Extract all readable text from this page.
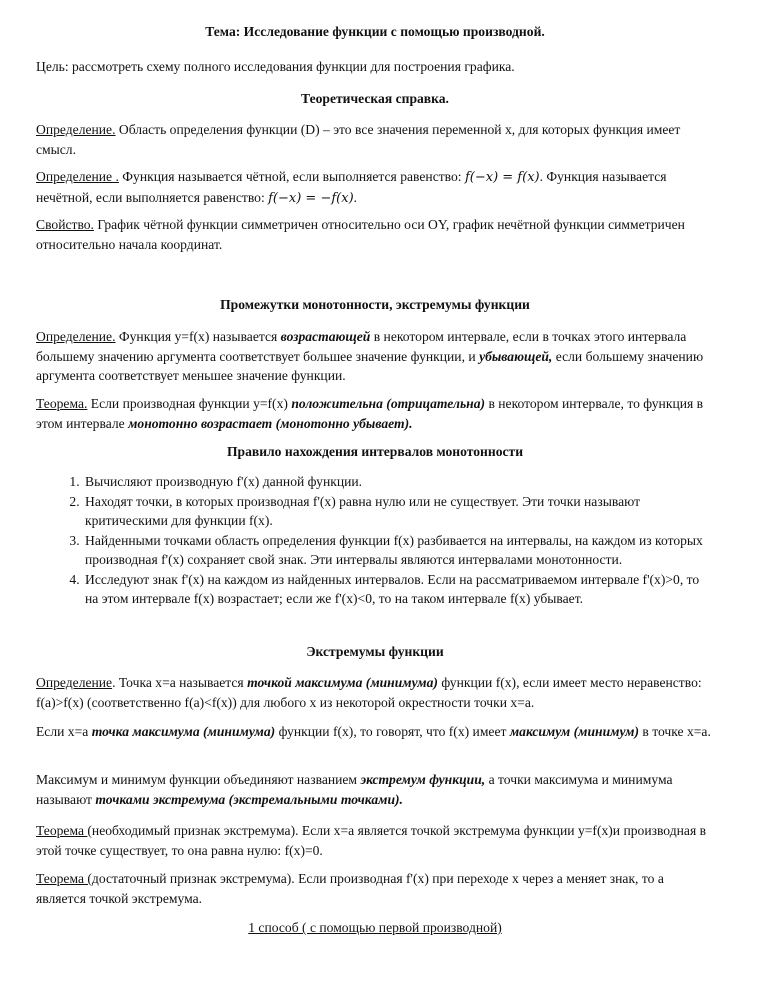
Тема: Исследование функции с помощью производной.

Цель: рассмотреть схему полного исследования функции для построения графика.

Теоретическая справка.

Определение. Область определения функции (D) – это все значения переменной x, для которых функция имеет смысл.

Определение . Функция называется чётной, если выполняется равенство: f(−x) = f(x). Функция называется нечётной, если выполняется равенство: f(−x) = −f(x).

Свойство. График чётной функции симметричен относительно оси OY, график нечётной функции симметричен относительно начала координат.

Промежутки монотонности, экстремумы функции

Определение. Функция y=f(x) называется возрастающей в некотором интервале, если в точках этого интервала большему значению аргумента соответствует большее значение функции, и убывающей, если большему значению аргумента соответствует меньшее значение функции.

Теорема. Если производная функции y=f(x) положительна (отрицательна) в некотором интервале, то функция в этом интервале монотонно возрастает (монотонно убывает).

Правило нахождения интервалов монотонности

1. Вычисляют производную f'(x) данной функции.
2. Находят точки, в которых производная f'(x) равна нулю или не существует. Эти точки называют критическими для функции f(x).
3. Найденными точками область определения функции f(x) разбивается на интервалы, на каждом из которых производная f'(x) сохраняет свой знак. Эти интервалы являются интервалами монотонности.
4. Исследуют знак f'(x) на каждом из найденных интервалов. Если на рассматриваемом интервале f'(x)>0, то на этом интервале f(x) возрастает; если же f'(x)<0, то на таком интервале f(x) убывает.

Экстремумы функции

Определение. Точка x=a называется точкой максимума (минимума) функции f(x), если имеет место неравенство: f(a)>f(x) (соответственно f(a)<f(x)) для любого x из некоторой окрестности точки x=a.

Если x=a точка максимума (минимума) функции f(x), то говорят, что f(x) имеет максимум (минимум) в точке x=a.

Максимум и минимум функции объединяют названием экстремум функции, а точки максимума и минимума называют точками экстремума (экстремальными точками).

Теорема (необходимый признак экстремума). Если x=a является точкой экстремума функции y=f(x)и производная в этой точке существует, то она равна нулю: f(x)=0.

Теорема (достаточный признак экстремума). Если производная f'(x) при переходе x через a меняет знак, то a является точкой экстремума.

1 способ ( с помощью первой производной)
